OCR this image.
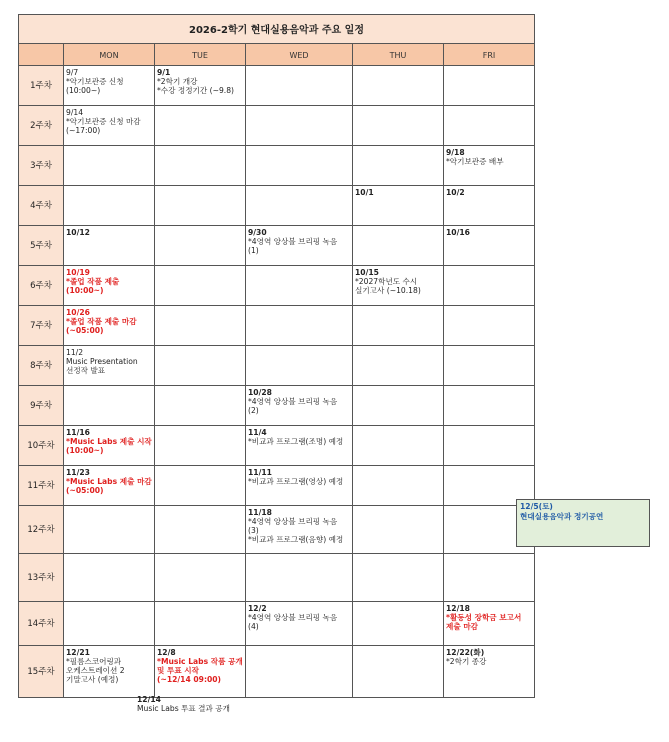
2026-2학기 현대실용음악과 주요 일정					
	MON	TUE	WED	THU	FRI
1주차	9/7
*악기보관증 신청
(10:00~)	9/1
*2학기 개강
*수강 정정기간 (~9.8)			

2주차	9/14
*악기보관증 신청 마감
(~17:00)				

3주차					9/18
*악기보관증 배부

4주차				10/1	10/2

5주차	10/12		9/30
*4영역 앙상블 브리핑 녹음 (1)		10/16

6주차	10/19
*졸업 작품 제출
(10:00~)			10/15
*2027학년도 수시
실기고사 (~10.18)	

7주차	10/26
*졸업 작품 제출 마감
(~05:00)				

8주차	11/2
Music Presentation
선정작 발표				

9주차			10/28
*4영역 앙상블 브리핑 녹음 (2)		

10주차	11/16
*Music Labs 제출 시작
(10:00~)		11/4
*비교과 프로그램(조명) 예정		

11주차	11/23
*Music Labs 제출 마감
(~05:00)		11/11
*비교과 프로그램(영상) 예정		

12주차			11/18
*4영역 앙상블 브리핑 녹음 (3)
*비교과 프로그램(음향) 예정		

13주차					
14주차			12/2
*4영역 앙상블 브리핑 녹음 (4)		12/18
*활동성 장학금 보고서
제출 마감

15주차	12/21
*필름스코어링과
오케스트레이션 2
기말고사 (예정)	12/8
*Music Labs 작품 공개
및 투표 시작
(~12/14 09:00)			12/22(화)
*2학기 종강
12/5(토)
현대실용음악과 정기공연
12/14
Music Labs 투표 결과 공개
